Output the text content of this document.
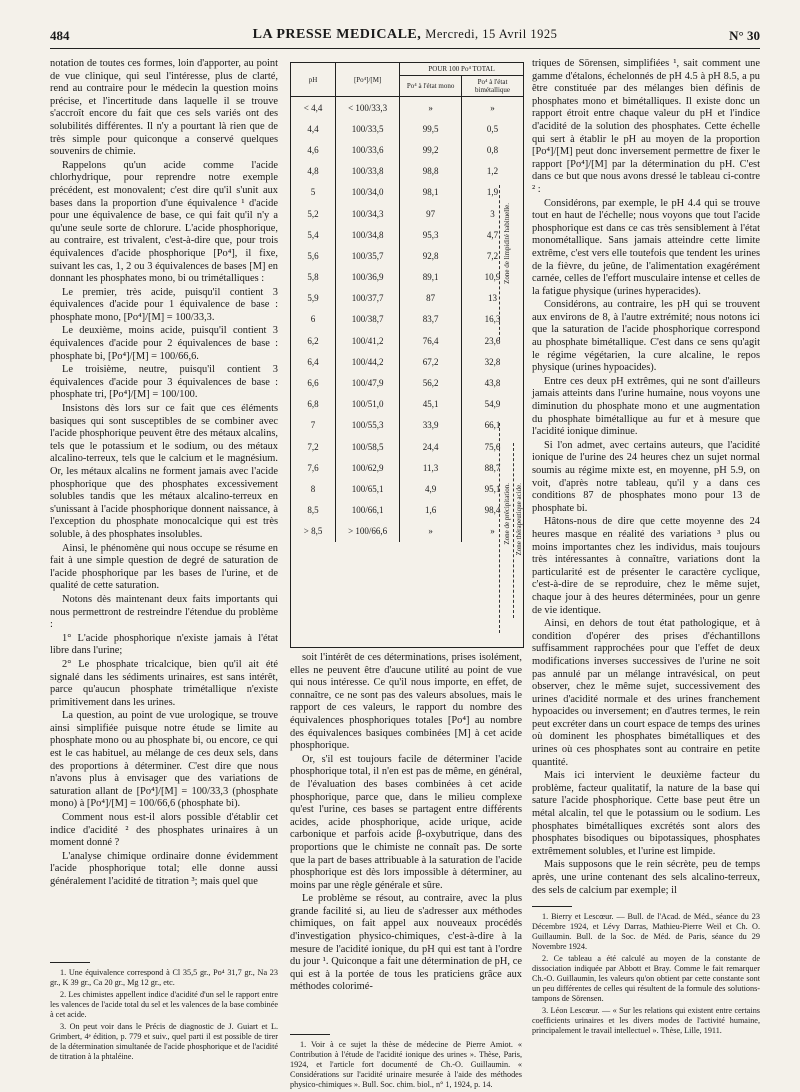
484	LA PRESSE MEDICALE, Mercredi, 15 Avril 1925	N° 30

notation de toutes ces formes, loin d'apporter, au point de vue clinique, qui seul l'intéresse, plus de clarté, rend au contraire pour le médecin la question moins précise, et l'incertitude dans laquelle il se trouve s'accroît encore du fait que ces sels variés ont des solubilités différentes. Il n'y a pourtant là rien que de très simple pour quiconque a conservé quelques souvenirs de chimie.

Rappelons qu'un acide comme l'acide chlorhydrique, pour reprendre notre exemple précédent, est monovalent; c'est dire qu'il s'unit aux bases dans la proportion d'une équivalence ¹ d'acide pour une équivalence de base, ce qui fait qu'il n'y a qu'une seule sorte de chlorure. L'acide phosphorique, au contraire, est trivalent, c'est-à-dire que, pour trois équivalences d'acide phosphorique [Po⁴], il fixe, suivant les cas, 1, 2 ou 3 équivalences de bases [M] en donnant les phosphates mono, bi ou trimétalliques :

Le premier, très acide, puisqu'il contient 3 équivalences d'acide pour 1 équivalence de base : phosphate mono, [Po⁴]/[M] = 100/33,3.

Le deuxième, moins acide, puisqu'il contient 3 équivalences d'acide pour 2 équivalences de base : phosphate bi, [Po⁴]/[M] = 100/66,6.

Le troisième, neutre, puisqu'il contient 3 équivalences d'acide pour 3 équivalences de base : phosphate tri, [Po⁴]/[M] = 100/100.

Insistons dès lors sur ce fait que ces éléments basiques qui sont susceptibles de se combiner avec l'acide phosphorique peuvent être des métaux alcalins, tels que le potassium et le sodium, ou des métaux alcalino-terreux, tels que le calcium et le magnésium. Or, les métaux alcalins ne forment jamais avec l'acide phosphorique que des phosphates excessivement solubles tandis que les métaux alcalino-terreux en s'unissant à l'acide phosphorique donnent naissance, à l'exception du phosphate monocalcique qui est très soluble, à des phosphates insolubles.

Ainsi, le phénomène qui nous occupe se résume en fait à une simple question de degré de saturation de l'acide phosphorique par les bases de l'urine, et de qualité de cette saturation.

Notons dès maintenant deux faits importants qui nous permettront de restreindre l'étendue du problème :

1° L'acide phosphorique n'existe jamais à l'état libre dans l'urine;

2° Le phosphate tricalcique, bien qu'il ait été signalé dans les sédiments urinaires, est sans intérêt, parce qu'aucun phosphate trimétallique n'existe primitivement dans les urines.

La question, au point de vue urologique, se trouve ainsi simplifiée puisque notre étude se limite au phosphate mono ou au phosphate bi, ou encore, ce qui est le cas habituel, au mélange de ces deux sels, dans des proportions à déterminer. C'est dire que nous n'avons plus à envisager que des variations de saturation allant de [Po⁴]/[M] = 100/33,3 (phosphate mono) à [Po⁴]/[M] = 100/66,6 (phosphate bi).

Comment nous est-il alors possible d'établir cet indice d'acidité ² des phosphates urinaires à un moment donné ?

L'analyse chimique ordinaire donne évidemment l'acide phosphorique total; elle donne aussi généralement l'acidité de titration ³; mais quel que

1. Une équivalence correspond à Cl 35,5 gr., Po⁴ 31,7 gr., Na 23 gr., K 39 gr., Ca 20 gr., Mg 12 gr., etc.

2. Les chimistes appellent indice d'acidité d'un sel le rapport entre les valences de l'acide total du sel et les valences de la base combinée à cet acide.

3. On peut voir dans le Précis de diagnostic de J. Guiart et L. Grimbert, 4ᵉ édition, p. 779 et suiv., quel parti il est possible de tirer de la détermination simultanée de l'acide phosphorique et de l'acidité de titration à la phtaléine.

pH	[Po⁴]/[M]	POUR 100 Po⁴ TOTAL	
		Po⁴ à l'état mono	Po⁴ à l'état bimétallique
< 4,4	< 100/33,3	»	»
4,4	100/33,5	99,5	0,5
4,6	100/33,6	99,2	0,8
4,8	100/33,8	98,8	1,2
5	100/34,0	98,1	1,9
5,2	100/34,3	97	3
5,4	100/34,8	95,3	4,7
5,6	100/35,7	92,8	7,2
5,8	100/36,9	89,1	10,9
5,9	100/37,7	87	13
6	100/38,7	83,7	16,3
6,2	100/41,2	76,4	23,6
6,4	100/44,2	67,2	32,8
6,6	100/47,9	56,2	43,8
6,8	100/51,0	45,1	54,9
7	100/55,3	33,9	66,1
7,2	100/58,5	24,4	75,6
7,6	100/62,9	11,3	88,7
8	100/65,1	4,9	95,1
8,5	100/66,1	1,6	98,4
> 8,5	> 100/66,6	»	»
Zone de limpidité habituelle.
Zone de précipitation. Zone thérapeutique acide.

soit l'intérêt de ces déterminations, prises isolément, elles ne peuvent être d'aucune utilité au point de vue qui nous intéresse. Ce qu'il nous importe, en effet, de connaître, ce ne sont pas des valeurs absolues, mais le rapport de ces valeurs, le rapport du nombre des équivalences phosphoriques totales [Po⁴] au nombre des équivalences basiques combinées [M] à cet acide phosphorique.

Or, s'il est toujours facile de déterminer l'acide phosphorique total, il n'en est pas de même, en général, de l'évaluation des bases combinées à cet acide phosphorique, parce que, dans le milieu complexe qu'est l'urine, ces bases se partagent entre différents acides, acide phosphorique, acide urique, acide carbonique et parfois acide β-oxybutrique, dans des proportions que le chimiste ne connaît pas. De sorte que la part de bases attribuable à la saturation de l'acide phosphorique est dès lors impossible à déterminer, au moins par une règle générale et sûre.

Le problème se résout, au contraire, avec la plus grande facilité si, au lieu de s'adresser aux méthodes chimiques, on fait appel aux nouveaux procédés d'investigation physico-chimiques, c'est-à-dire à la mesure de l'acidité ionique, du pH qui est tant à l'ordre du jour ¹. Quiconque a fait une détermination de pH, ce qui est à la portée de tous les praticiens grâce aux méthodes colorimé-

1. Voir à ce sujet la thèse de médecine de Pierre Amiot. « Contribution à l'étude de l'acidité ionique des urines ». Thèse, Paris, 1924, et l'article fort documenté de Ch.-O. Guillaumin. « Considérations sur l'acidité urinaire mesurée à l'aide des méthodes physico-chimiques ». Bull. Soc. chim. biol., n° 1, 1924, p. 14.

triques de Sörensen, simplifiées ¹, sait comment une gamme d'étalons, échelonnés de pH 4.5 à pH 8.5, a pu être constituée par des mélanges bien définis de phosphates mono et bimétalliques. Il existe donc un rapport étroit entre chaque valeur du pH et l'indice d'acidité de la solution des phosphates. Cette échelle qui sert à établir le pH au moyen de la proportion [Po⁴]/[M] peut donc inversement permettre de fixer le rapport [Po⁴]/[M] par la détermination du pH. C'est dans ce but que nous avons dressé le tableau ci-contre ² :

Considérons, par exemple, le pH 4.4 qui se trouve tout en haut de l'échelle; nous voyons que tout l'acide phosphorique est dans ce cas très sensiblement à l'état monométallique. Sans jamais atteindre cette limite extrême, c'est vers elle toutefois que tendent les urines de la fièvre, du jeûne, de l'alimentation exagérément carnée, celles de l'effort musculaire intense et celles de la fatigue physique (urines hyperacides).

Considérons, au contraire, les pH qui se trouvent aux environs de 8, à l'autre extrémité; nous notons ici que la saturation de l'acide phosphorique correspond au phosphate bimétallique. C'est dans ce sens qu'agit le régime végétarien, la cure alcaline, le repos physique (urines hypoacides).

Entre ces deux pH extrêmes, qui ne sont d'ailleurs jamais atteints dans l'urine humaine, nous voyons une diminution du phosphate mono et une augmentation du phosphate bimétallique au fur et à mesure que l'acidité ionique diminue.

Si l'on admet, avec certains auteurs, que l'acidité ionique de l'urine des 24 heures chez un sujet normal soumis au régime mixte est, en moyenne, pH 5.9, on voit, d'après notre tableau, qu'il y a dans ces conditions 87 de phosphates mono pour 13 de phosphate bi.

Hâtons-nous de dire que cette moyenne des 24 heures masque en réalité des variations ³ plus ou moins importantes chez les individus, mais toujours très intéressantes à connaître, variations dont la particularité est de présenter le caractère cyclique, c'est-à-dire de se reproduire, chez le même sujet, chaque jour à des heures déterminées, pour un genre de vie identique.

Ainsi, en dehors de tout état pathologique, et à condition d'opérer des prises d'échantillons suffisamment rapprochées pour que l'effet de deux modifications inverses successives de l'urine ne soit pas annulé par un mélange intravésical, on peut observer, chez le même sujet, successivement des urines d'acidité normale et des urines franchement hypoacides ou inversement; en d'autres termes, le rein peut excréter dans un court espace de temps des urines où dominent les phosphates bimétalliques et des urines où ces phosphates sont au contraire en petite quantité.

Mais ici intervient le deuxième facteur du problème, facteur qualitatif, la nature de la base qui sature l'acide phosphorique. Cette base peut être un métal alcalin, tel que le potassium ou le sodium. Les phosphates bimétalliques excrétés sont alors des phosphates bisodiques ou bipotassiques, phosphates extrêmement solubles, et l'urine est limpide.

Mais supposons que le rein sécrète, peu de temps après, une urine contenant des sels alcalino-terreux, des sels de calcium par exemple; il

1. Bierry et Lescœur. — Bull. de l'Acad. de Méd., séance du 23 Décembre 1924, et Lévy Darras, Mathieu-Pierre Weil et Ch. O. Guillaumin. Bull. de la Soc. de Méd. de Paris, séance du 29 Novembre 1924.

2. Ce tableau a été calculé au moyen de la constante de dissociation indiquée par Abbott et Bray. Comme le fait remarquer Ch.-O. Guillaumin, les valeurs qu'on obtient par cette constante sont un peu différentes de celles qui résultent de la formule des solutions-tampons de Sörensen.

3. Léon Lescœur. — « Sur les relations qui existent entre certains coefficients urinaires et les divers modes de l'activité humaine, principalement le travail intellectuel ». Thèse, Lille, 1911.
